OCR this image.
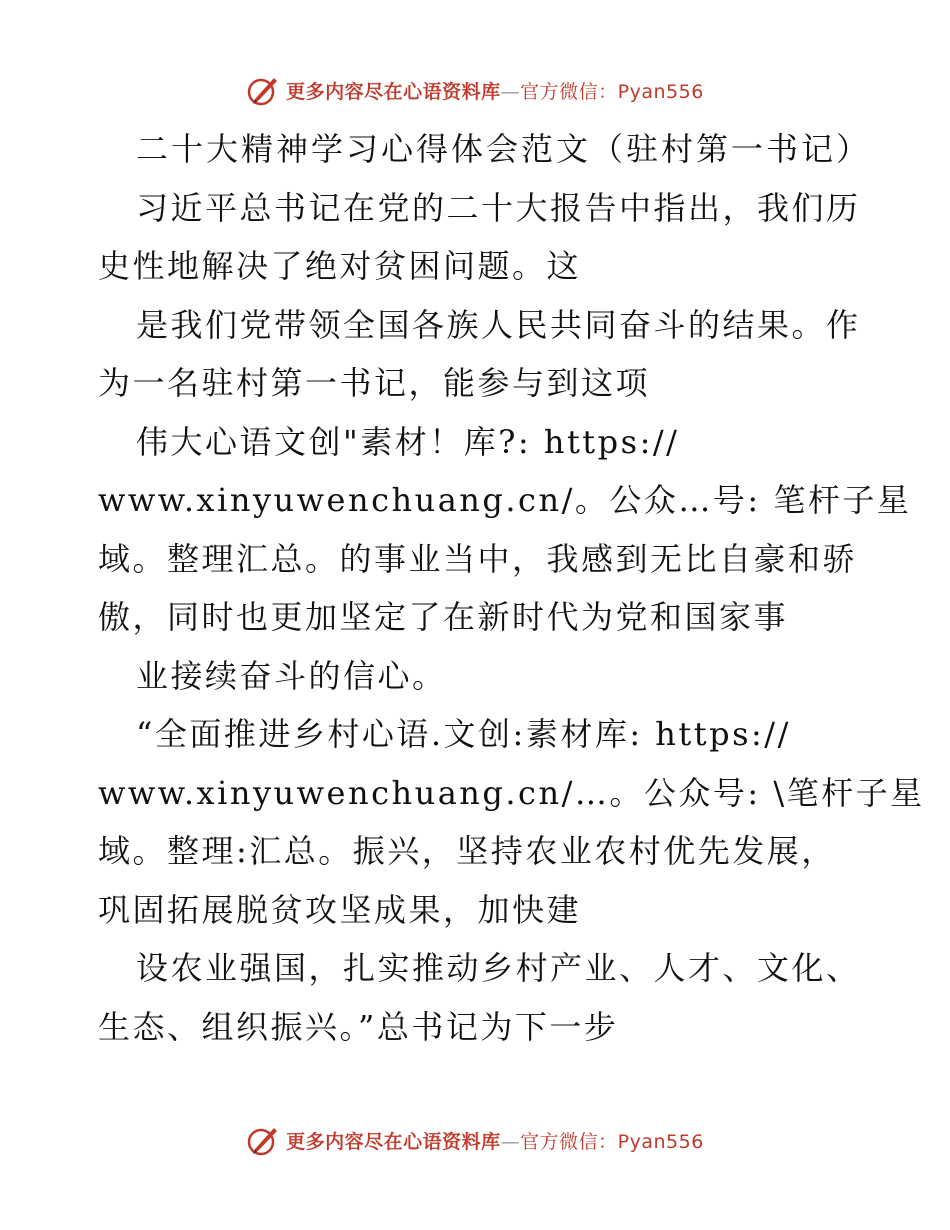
更多内容尽在心语资料库—官方微信：Pyan556
二十大精神学习心得体会范文（驻村第一书记）
习近平总书记在党的二十大报告中指出，我们历
史性地解决了绝对贫困问题。这
是我们党带领全国各族人民共同奋斗的结果。作
为一名驻村第一书记，能参与到这项
伟大心语文创"素材！库?: https://
www.xinyuwenchuang.cn/。公众…号: 笔杆子星
域。整理汇总。的事业当中，我感到无比自豪和骄
傲，同时也更加坚定了在新时代为党和国家事
业接续奋斗的信心。
“全面推进乡村心语.文创:素材库: https://
www.xinyuwenchuang.cn/…。公众号: \笔杆子星
域。整理:汇总。振兴，坚持农业农村优先发展，
巩固拓展脱贫攻坚成果，加快建
设农业强国，扎实推动乡村产业、人才、文化、
生态、组织振兴。”总书记为下一步
更多内容尽在心语资料库—官方微信：Pyan556
